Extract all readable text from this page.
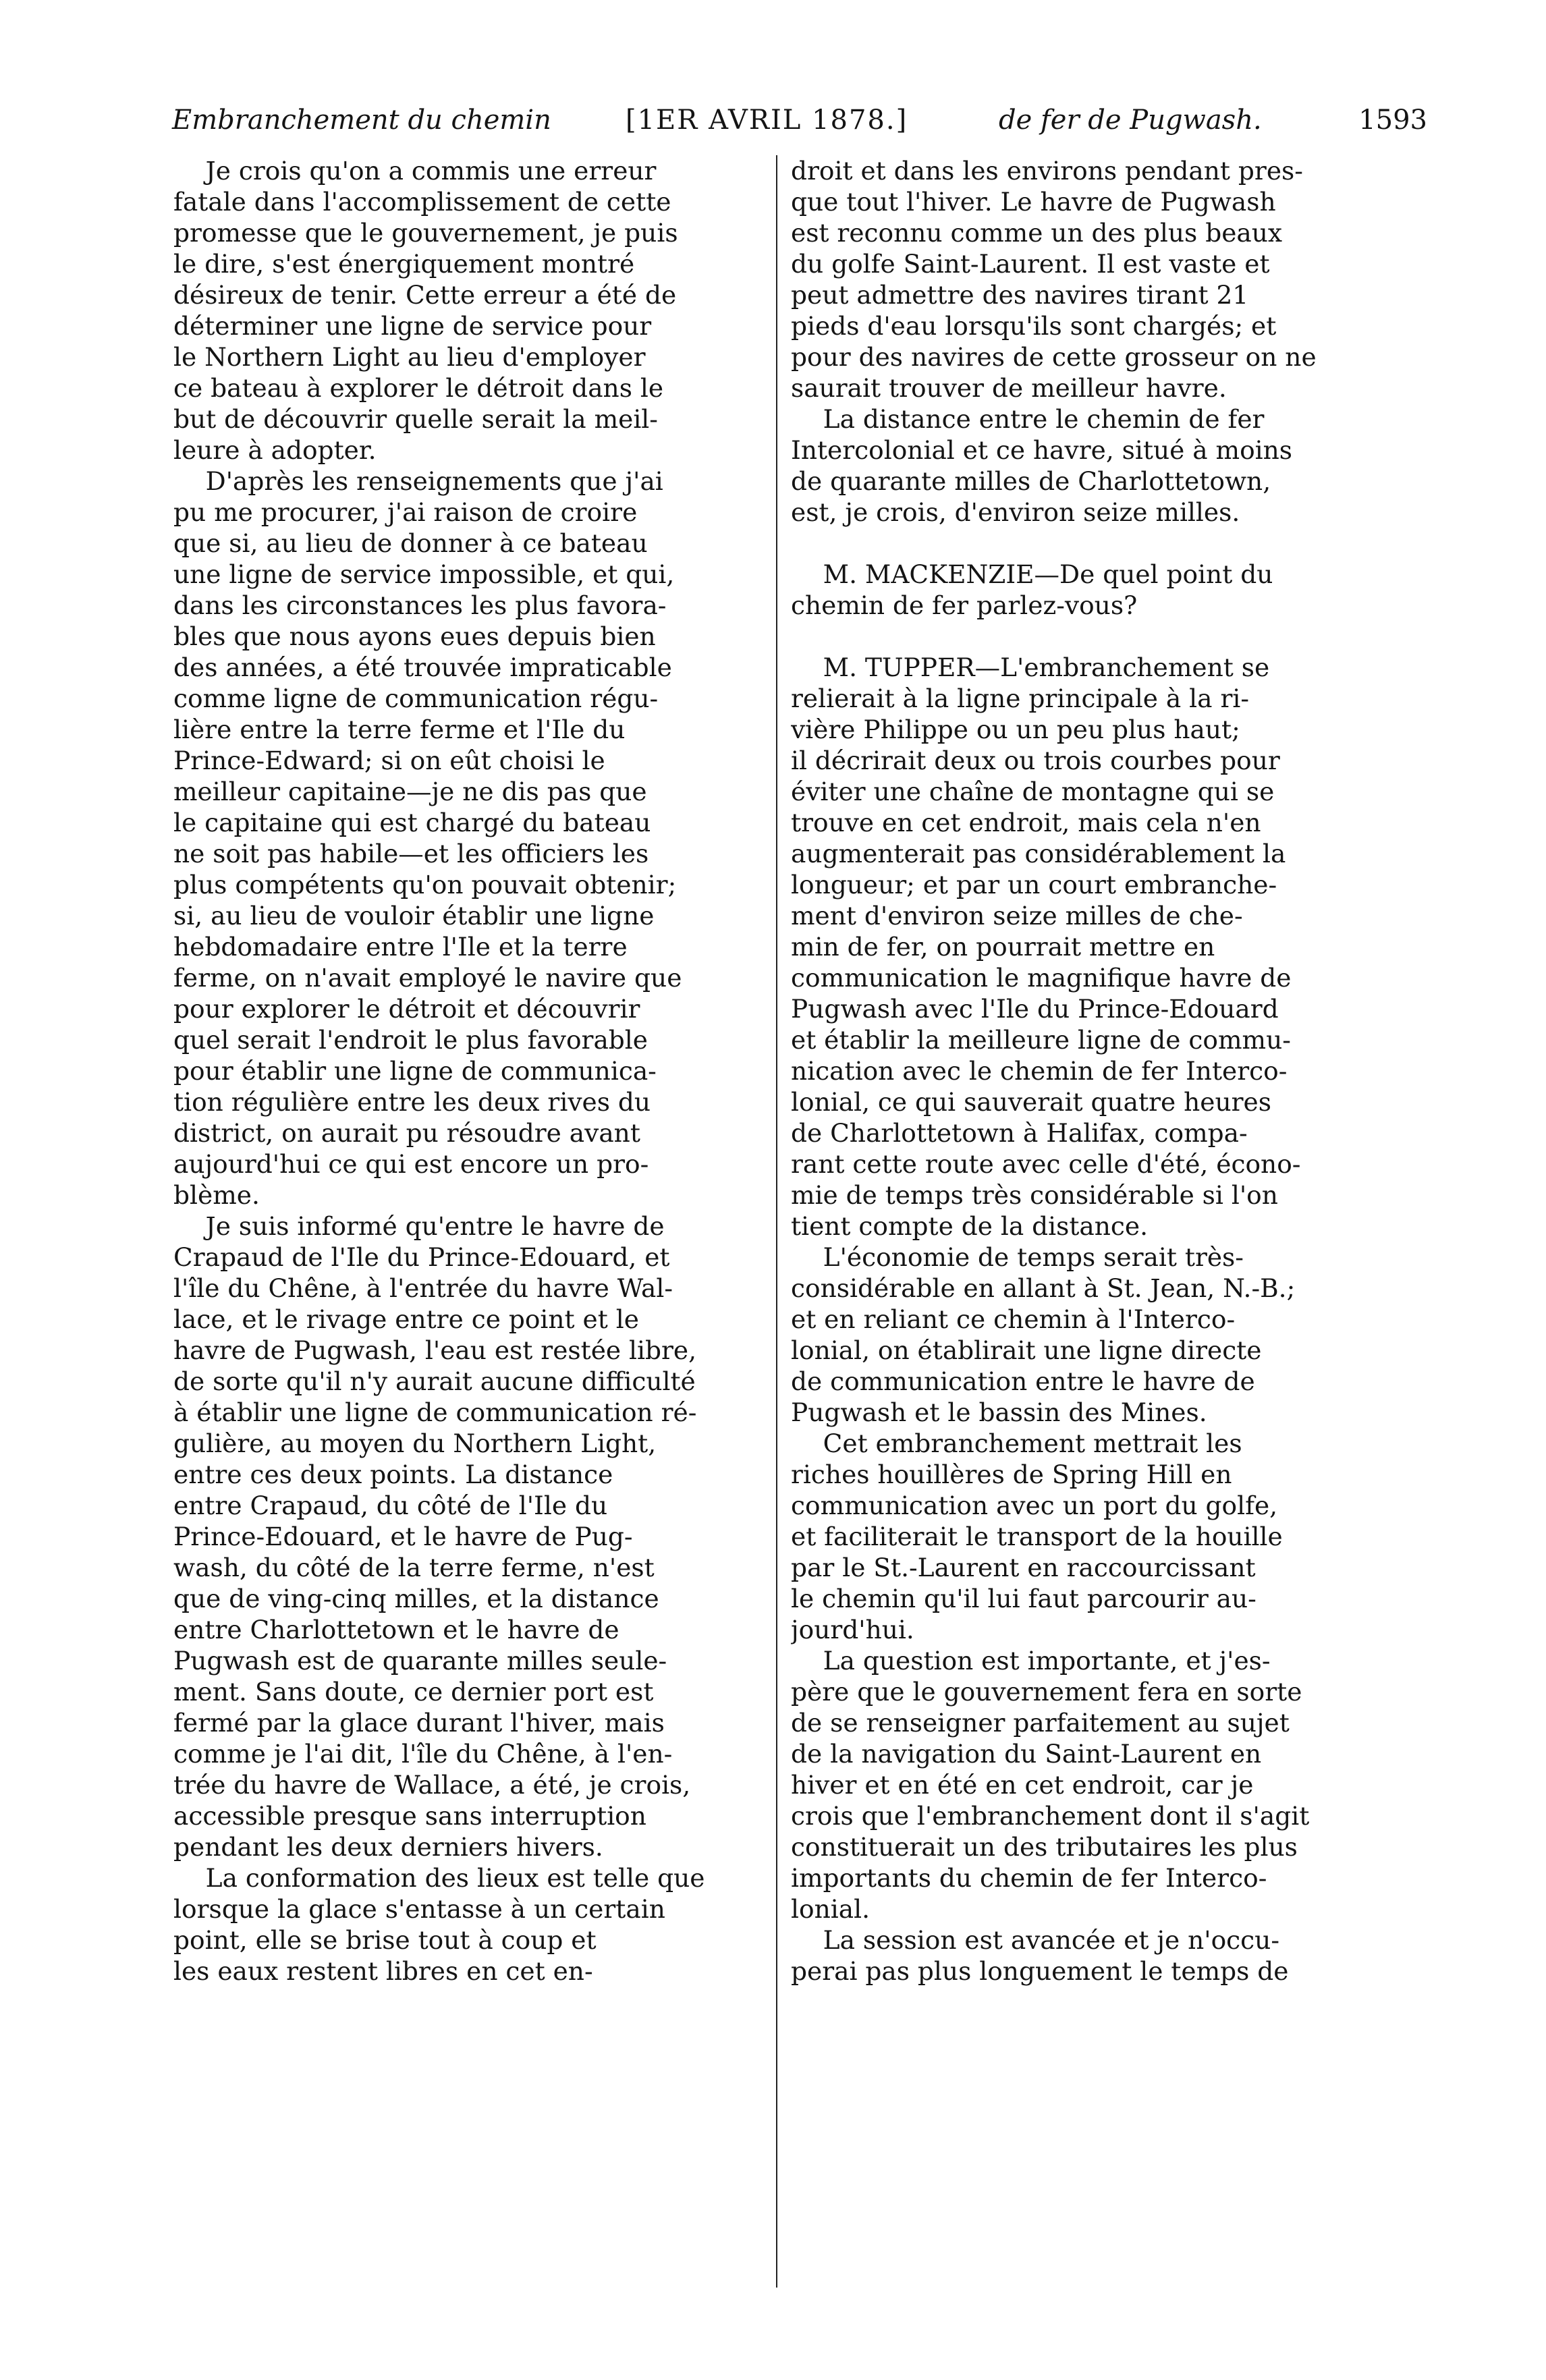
Embranchement du chemin	[1ER AVRIL 1878.]	de fer de Pugwash.	1593
Je crois qu'on a commis une erreur
fatale dans l'accomplissement de cette
promesse que le gouvernement, je puis
le dire, s'est énergiquement montré
désireux de tenir. Cette erreur a été de
déterminer une ligne de service pour
le Northern Light au lieu d'employer
ce bateau à explorer le détroit dans le
but de découvrir quelle serait la meil-
leure à adopter.
D'après les renseignements que j'ai
pu me procurer, j'ai raison de croire
que si, au lieu de donner à ce bateau
une ligne de service impossible, et qui,
dans les circonstances les plus favora-
bles que nous ayons eues depuis bien
des années, a été trouvée impraticable
comme ligne de communication régu-
lière entre la terre ferme et l'Ile du
Prince-Edward; si on eût choisi le
meilleur capitaine—je ne dis pas que
le capitaine qui est chargé du bateau
ne soit pas habile—et les officiers les
plus compétents qu'on pouvait obtenir;
si, au lieu de vouloir établir une ligne
hebdomadaire entre l'Ile et la terre
ferme, on n'avait employé le navire que
pour explorer le détroit et découvrir
quel serait l'endroit le plus favorable
pour établir une ligne de communica-
tion régulière entre les deux rives du
district, on aurait pu résoudre avant
aujourd'hui ce qui est encore un pro-
blème.
Je suis informé qu'entre le havre de
Crapaud de l'Ile du Prince-Edouard, et
l'île du Chêne, à l'entrée du havre Wal-
lace, et le rivage entre ce point et le
havre de Pugwash, l'eau est restée libre,
de sorte qu'il n'y aurait aucune difficulté
à établir une ligne de communication ré-
gulière, au moyen du Northern Light,
entre ces deux points. La distance
entre Crapaud, du côté de l'Ile du
Prince-Edouard, et le havre de Pug-
wash, du côté de la terre ferme, n'est
que de ving-cinq milles, et la distance
entre Charlottetown et le havre de
Pugwash est de quarante milles seule-
ment. Sans doute, ce dernier port est
fermé par la glace durant l'hiver, mais
comme je l'ai dit, l'île du Chêne, à l'en-
trée du havre de Wallace, a été, je crois,
accessible presque sans interruption
pendant les deux derniers hivers.
La conformation des lieux est telle que
lorsque la glace s'entasse à un certain
point, elle se brise tout à coup et
les eaux restent libres en cet en-
droit et dans les environs pendant pres-
que tout l'hiver. Le havre de Pugwash
est reconnu comme un des plus beaux
du golfe Saint-Laurent. Il est vaste et
peut admettre des navires tirant 21
pieds d'eau lorsqu'ils sont chargés; et
pour des navires de cette grosseur on ne
saurait trouver de meilleur havre.
La distance entre le chemin de fer
Intercolonial et ce havre, situé à moins
de quarante milles de Charlottetown,
est, je crois, d'environ seize milles.
M. MACKENZIE—De quel point du
chemin de fer parlez-vous?
M. TUPPER—L'embranchement se
relierait à la ligne principale à la ri-
vière Philippe ou un peu plus haut;
il décrirait deux ou trois courbes pour
éviter une chaîne de montagne qui se
trouve en cet endroit, mais cela n'en
augmenterait pas considérablement la
longueur; et par un court embranche-
ment d'environ seize milles de che-
min de fer, on pourrait mettre en
communication le magnifique havre de
Pugwash avec l'Ile du Prince-Edouard
et établir la meilleure ligne de commu-
nication avec le chemin de fer Interco-
lonial, ce qui sauverait quatre heures
de Charlottetown à Halifax, compa-
rant cette route avec celle d'été, écono-
mie de temps très considérable si l'on
tient compte de la distance.
L'économie de temps serait très-
considérable en allant à St. Jean, N.-B.;
et en reliant ce chemin à l'Interco-
lonial, on établirait une ligne directe
de communication entre le havre de
Pugwash et le bassin des Mines.
Cet embranchement mettrait les
riches houillères de Spring Hill en
communication avec un port du golfe,
et faciliterait le transport de la houille
par le St.-Laurent en raccourcissant
le chemin qu'il lui faut parcourir au-
jourd'hui.
La question est importante, et j'es-
père que le gouvernement fera en sorte
de se renseigner parfaitement au sujet
de la navigation du Saint-Laurent en
hiver et en été en cet endroit, car je
crois que l'embranchement dont il s'agit
constituerait un des tributaires les plus
importants du chemin de fer Interco-
lonial.
La session est avancée et je n'occu-
perai pas plus longuement le temps de
